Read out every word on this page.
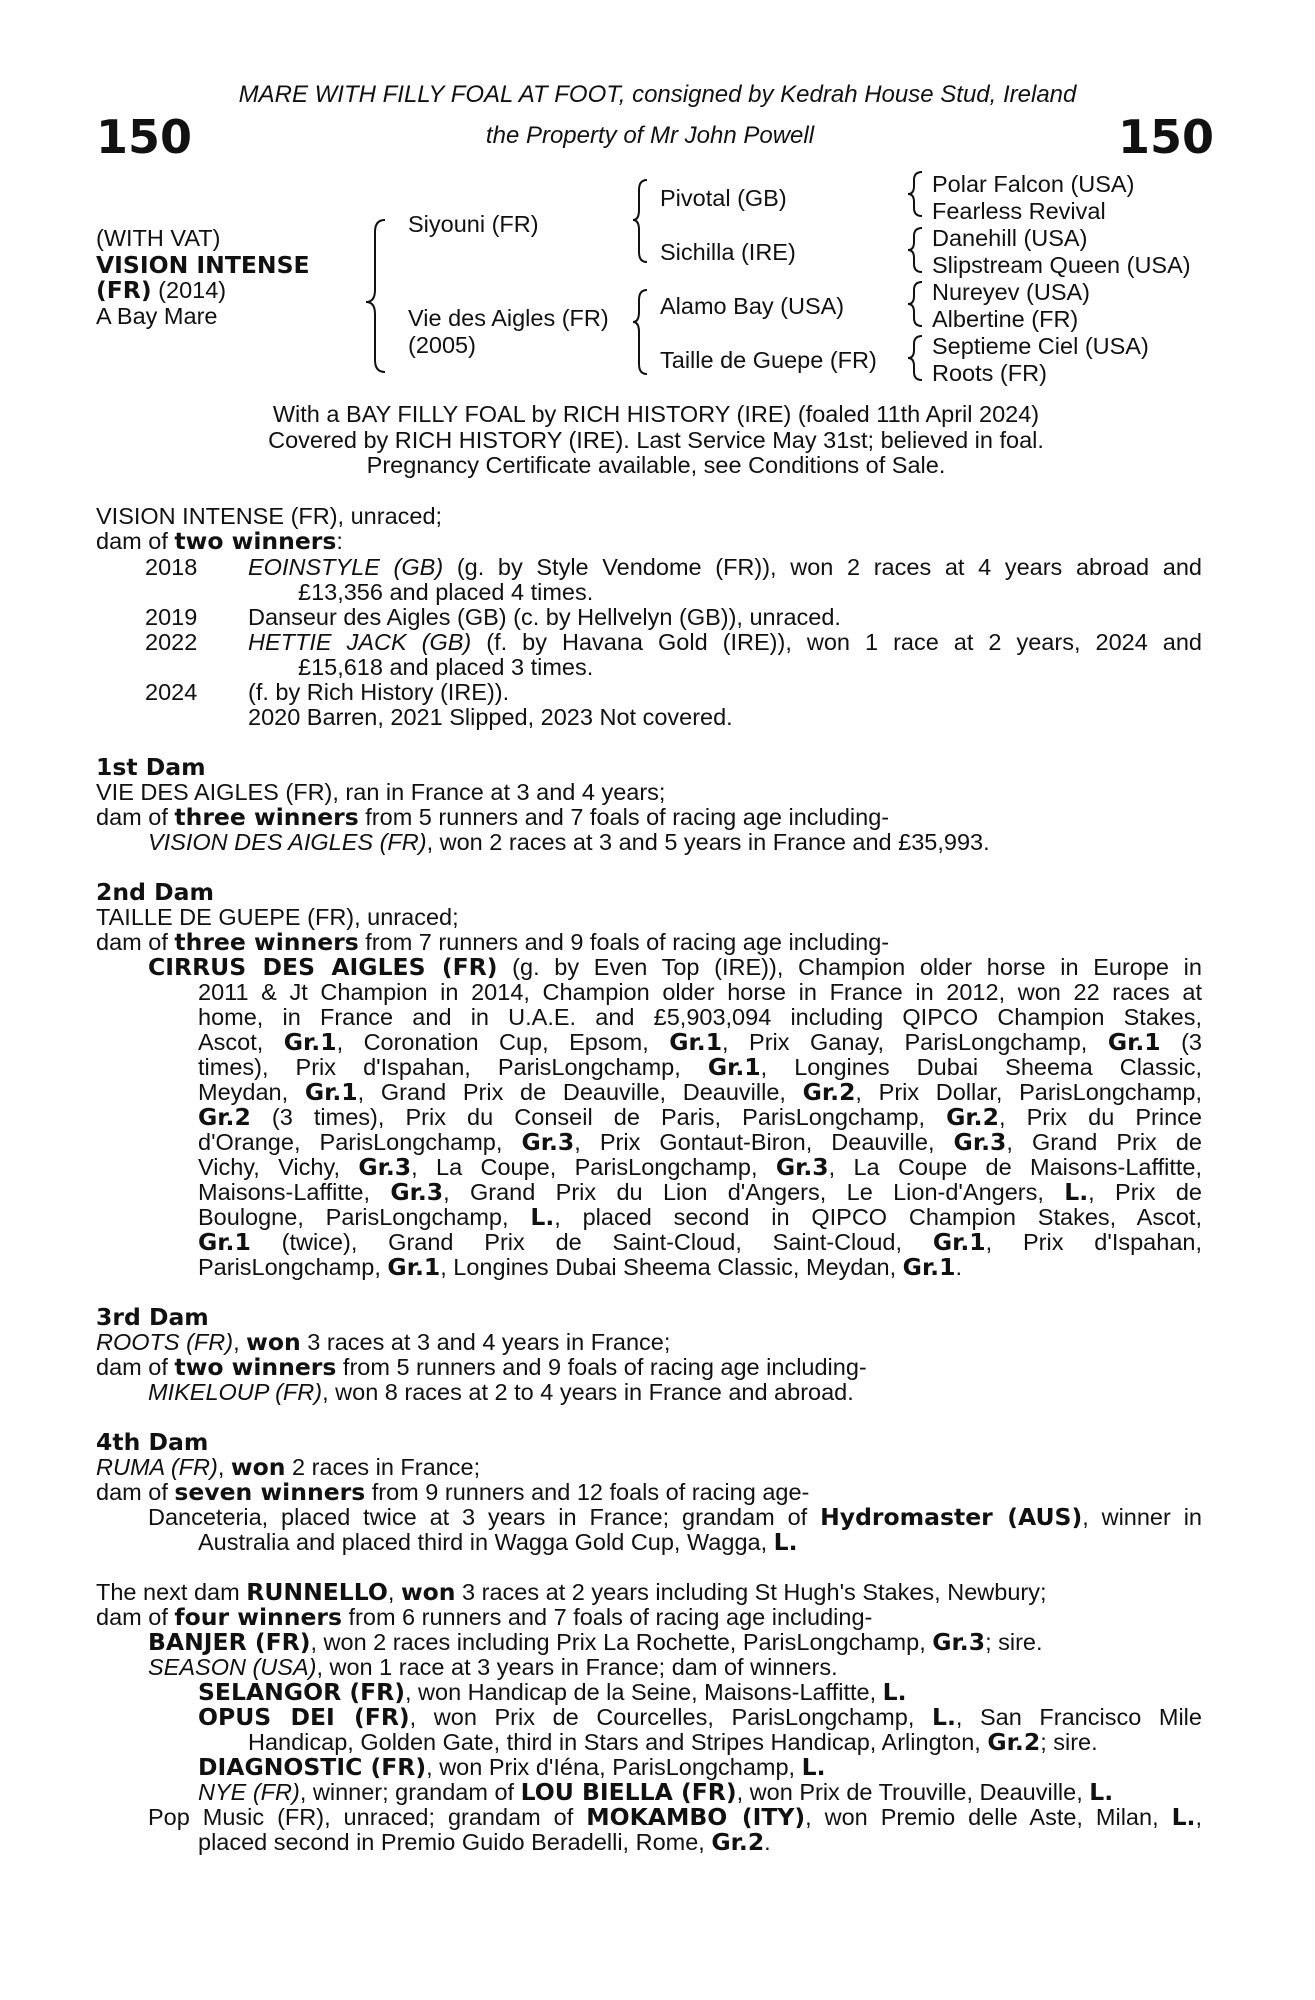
MARE WITH FILLY FOAL AT FOOT, consigned by Kedrah House Stud, Ireland
150	the Property of Mr John Powell	150
(WITH VAT)
VISION INTENSE
(FR) (2014)
A Bay Mare
Siyouni (FR)
Vie des Aigles (FR)
(2005)
Pivotal (GB)
Sichilla (IRE)
Alamo Bay (USA)
Taille de Guepe (FR)
Polar Falcon (USA)
Fearless Revival
Danehill (USA)
Slipstream Queen (USA)
Nureyev (USA)
Albertine (FR)
Septieme Ciel (USA)
Roots (FR)
With a BAY FILLY FOAL by RICH HISTORY (IRE) (foaled 11th April 2024)
Covered by RICH HISTORY (IRE). Last Service May 31st; believed in foal.
Pregnancy Certificate available, see Conditions of Sale.
VISION INTENSE (FR), unraced;
dam of two winners:
2018 EOINSTYLE (GB) (g. by Style Vendome (FR)), won 2 races at 4 years abroad and
£13,356 and placed 4 times.
2019 Danseur des Aigles (GB) (c. by Hellvelyn (GB)), unraced.
2022 HETTIE JACK (GB) (f. by Havana Gold (IRE)), won 1 race at 2 years, 2024 and
£15,618 and placed 3 times.
2024 (f. by Rich History (IRE)).
2020 Barren, 2021 Slipped, 2023 Not covered.
1st Dam
VIE DES AIGLES (FR), ran in France at 3 and 4 years;
dam of three winners from 5 runners and 7 foals of racing age including-
VISION DES AIGLES (FR), won 2 races at 3 and 5 years in France and £35,993.
2nd Dam
TAILLE DE GUEPE (FR), unraced;
dam of three winners from 7 runners and 9 foals of racing age including-
CIRRUS DES AIGLES (FR) (g. by Even Top (IRE)), Champion older horse in Europe in
2011 & Jt Champion in 2014, Champion older horse in France in 2012, won 22 races at
home, in France and in U.A.E. and £5,903,094 including QIPCO Champion Stakes,
Ascot, Gr.1, Coronation Cup, Epsom, Gr.1, Prix Ganay, ParisLongchamp, Gr.1 (3
times), Prix d'Ispahan, ParisLongchamp, Gr.1, Longines Dubai Sheema Classic,
Meydan, Gr.1, Grand Prix de Deauville, Deauville, Gr.2, Prix Dollar, ParisLongchamp,
Gr.2 (3 times), Prix du Conseil de Paris, ParisLongchamp, Gr.2, Prix du Prince
d'Orange, ParisLongchamp, Gr.3, Prix Gontaut-Biron, Deauville, Gr.3, Grand Prix de
Vichy, Vichy, Gr.3, La Coupe, ParisLongchamp, Gr.3, La Coupe de Maisons-Laffitte,
Maisons-Laffitte, Gr.3, Grand Prix du Lion d'Angers, Le Lion-d'Angers, L., Prix de
Boulogne, ParisLongchamp, L., placed second in QIPCO Champion Stakes, Ascot,
Gr.1 (twice), Grand Prix de Saint-Cloud, Saint-Cloud, Gr.1, Prix d'Ispahan,
ParisLongchamp, Gr.1, Longines Dubai Sheema Classic, Meydan, Gr.1.
3rd Dam
ROOTS (FR), won 3 races at 3 and 4 years in France;
dam of two winners from 5 runners and 9 foals of racing age including-
MIKELOUP (FR), won 8 races at 2 to 4 years in France and abroad.
4th Dam
RUMA (FR), won 2 races in France;
dam of seven winners from 9 runners and 12 foals of racing age-
Danceteria, placed twice at 3 years in France; grandam of Hydromaster (AUS), winner in
Australia and placed third in Wagga Gold Cup, Wagga, L.
The next dam RUNNELLO, won 3 races at 2 years including St Hugh's Stakes, Newbury;
dam of four winners from 6 runners and 7 foals of racing age including-
BANJER (FR), won 2 races including Prix La Rochette, ParisLongchamp, Gr.3; sire.
SEASON (USA), won 1 race at 3 years in France; dam of winners.
SELANGOR (FR), won Handicap de la Seine, Maisons-Laffitte, L.
OPUS DEI (FR), won Prix de Courcelles, ParisLongchamp, L., San Francisco Mile
Handicap, Golden Gate, third in Stars and Stripes Handicap, Arlington, Gr.2; sire.
DIAGNOSTIC (FR), won Prix d'Iéna, ParisLongchamp, L.
NYE (FR), winner; grandam of LOU BIELLA (FR), won Prix de Trouville, Deauville, L.
Pop Music (FR), unraced; grandam of MOKAMBO (ITY), won Premio delle Aste, Milan, L.,
placed second in Premio Guido Beradelli, Rome, Gr.2.
